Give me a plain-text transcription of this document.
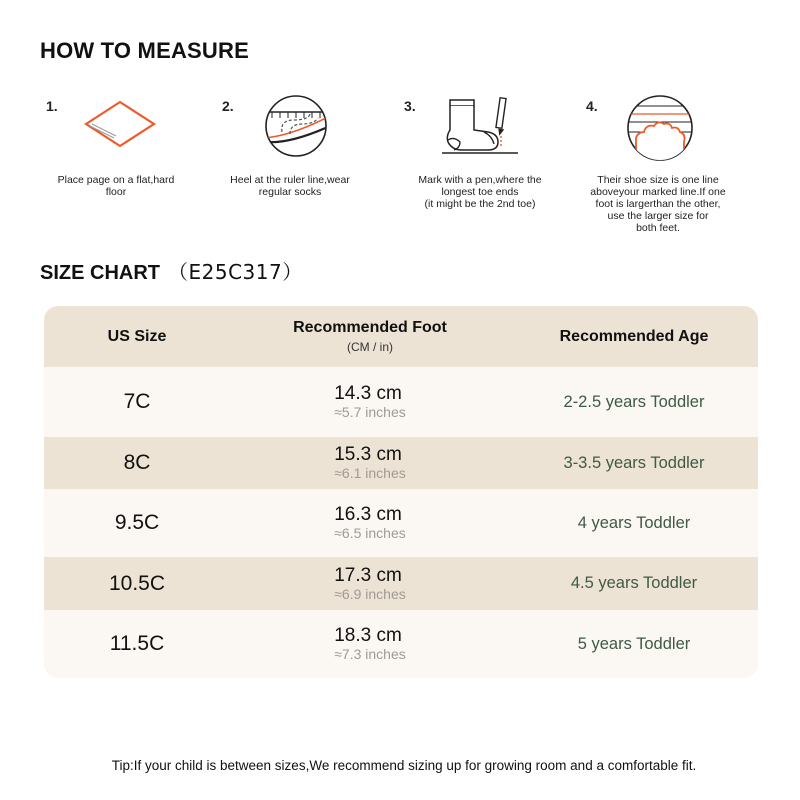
HOW TO MEASURE
1.
Place page on a flat,hard
floor
2.
Heel at the ruler line,wear
regular socks
3.
Mark with a pen,where the
longest toe ends
(it might be the 2nd toe)
4.
Their shoe size is one line
aboveyour marked line.If one
foot is largerthan the other,
use the larger size for
both feet.
SIZE CHART （E25C317）
US Size	Recommended Foot
(CM / in)
Recommended Age
7C	14.3 cm
≈5.7 inches
2-2.5 years Toddler
8C	15.3 cm
≈6.1 inches
3-3.5 years Toddler
9.5C	16.3 cm
≈6.5 inches
4 years Toddler
10.5C	17.3 cm
≈6.9 inches
4.5 years Toddler
11.5C	18.3 cm
≈7.3 inches
5 years Toddler
Tip:If your child is between sizes,We recommend sizing up for growing room and a comfortable fit.
